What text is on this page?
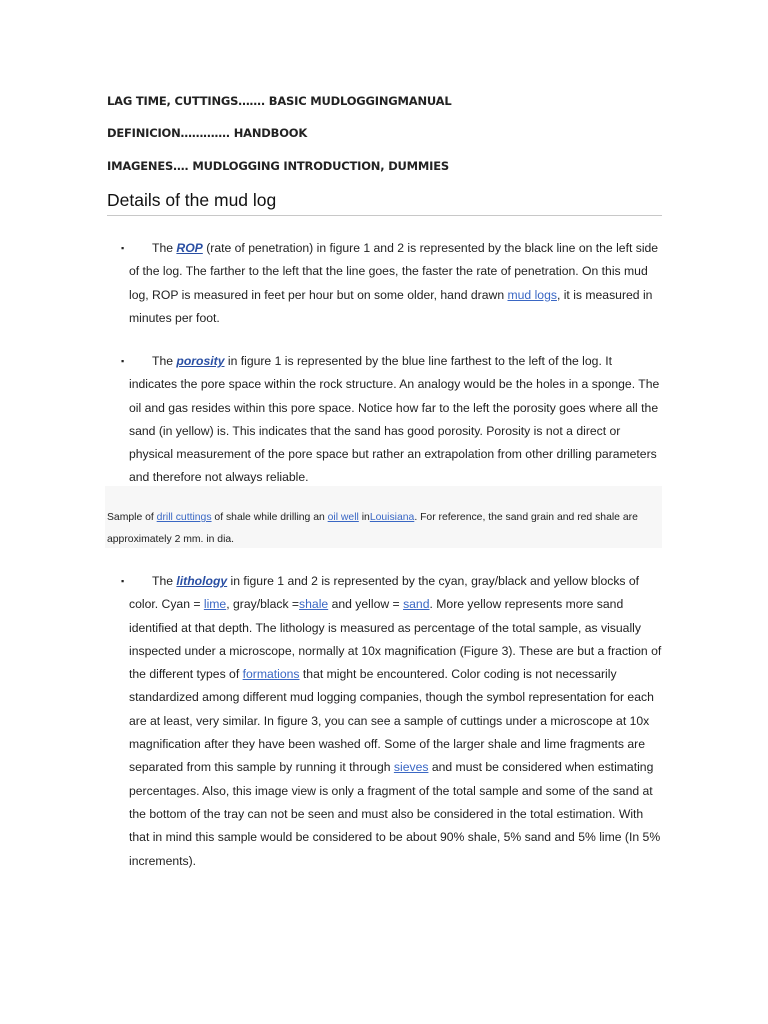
LAG TIME, CUTTINGS……. BASIC MUDLOGGINGMANUAL
DEFINICION…………. HANDBOOK
IMAGENES…. MUDLOGGING INTRODUCTION, DUMMIES
Details of the mud log
▪	The ROP (rate of penetration) in figure 1 and 2 is represented by the black line on the left side of the log. The farther to the left that the line goes, the faster the rate of penetration. On this mud log, ROP is measured in feet per hour but on some older, hand drawn mud logs, it is measured in minutes per foot.
▪	The porosity in figure 1 is represented by the blue line farthest to the left of the log. It indicates the pore space within the rock structure. An analogy would be the holes in a sponge. The oil and gas resides within this pore space. Notice how far to the left the porosity goes where all the sand (in yellow) is. This indicates that the sand has good porosity. Porosity is not a direct or physical measurement of the pore space but rather an extrapolation from other drilling parameters and therefore not always reliable.
Sample of drill cuttings of shale while drilling an oil well inLouisiana. For reference, the sand grain and red shale are approximately 2 mm. in dia.
▪	The lithology in figure 1 and 2 is represented by the cyan, gray/black and yellow blocks of color. Cyan = lime, gray/black =shale and yellow = sand. More yellow represents more sand identified at that depth. The lithology is measured as percentage of the total sample, as visually inspected under a microscope, normally at 10x magnification (Figure 3). These are but a fraction of the different types of formations that might be encountered. Color coding is not necessarily standardized among different mud logging companies, though the symbol representation for each are at least, very similar. In figure 3, you can see a sample of cuttings under a microscope at 10x magnification after they have been washed off. Some of the larger shale and lime fragments are separated from this sample by running it through sieves and must be considered when estimating percentages. Also, this image view is only a fragment of the total sample and some of the sand at the bottom of the tray can not be seen and must also be considered in the total estimation. With that in mind this sample would be considered to be about 90% shale, 5% sand and 5% lime (In 5% increments).
